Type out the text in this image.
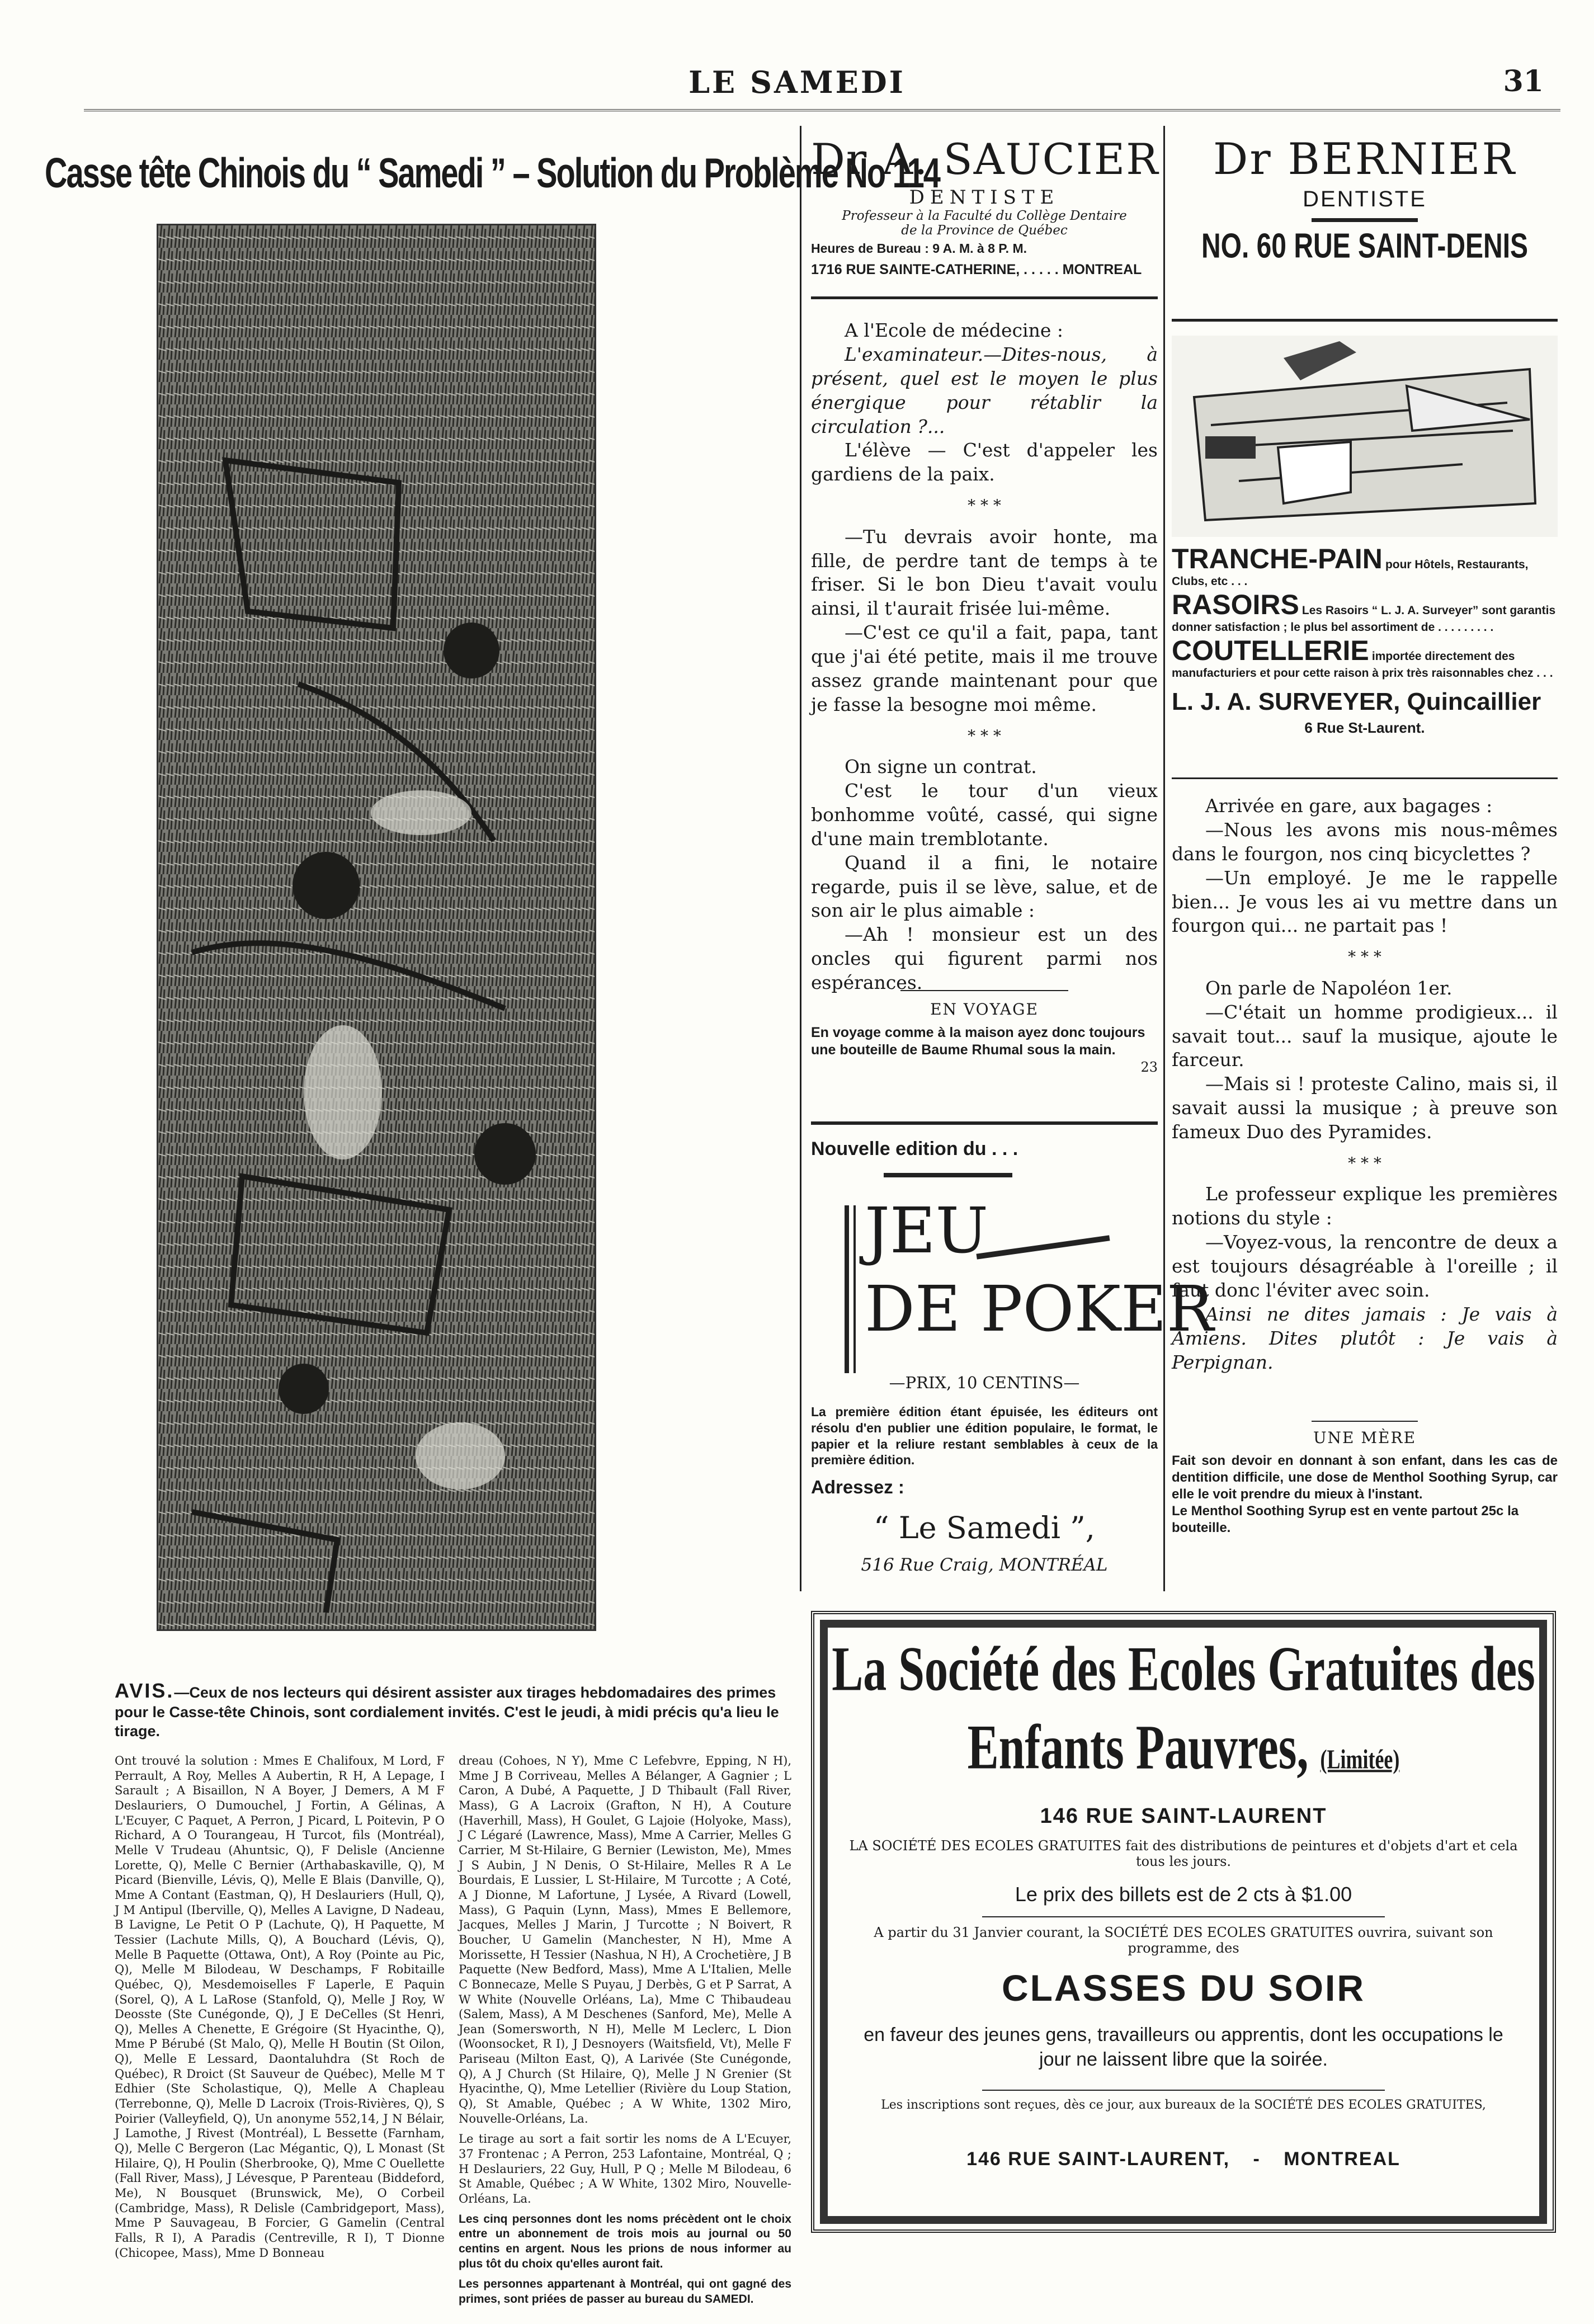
LE SAMEDI	31
Casse tête Chinois du “ Samedi ” – Solution du Problème No 114
AVIS.—Ceux de nos lecteurs qui désirent assister aux tirages hebdomadaires des primes pour le Casse-tête Chinois, sont cordialement invités. C'est le jeudi, à midi précis qu'a lieu le tirage.
Ont trouvé la solution : Mmes E Chalifoux, M Lord, F Perrault, A Roy, Melles A Aubertin, R H, A Lepage, I Sarault ; A Bisaillon, N A Boyer, J Demers, A M F Deslauriers, O Dumouchel, J Fortin, A Gélinas, A L'Ecuyer, C Paquet, A Perron, J Picard, L Poitevin, P O Richard, A O Tourangeau, H Turcot, fils (Montréal), Melle V Trudeau (Ahuntsic, Q), F Delisle (Ancienne Lorette, Q), Melle C Bernier (Arthabaskaville, Q), M Picard (Bienville, Lévis, Q), Melle E Blais (Danville, Q), Mme A Contant (Eastman, Q), H Deslauriers (Hull, Q), J M Antipul (Iberville, Q), Melles A Lavigne, D Nadeau, B Lavigne, Le Petit O P (Lachute, Q), H Paquette, M Tessier (Lachute Mills, Q), A Bouchard (Lévis, Q), Melle B Paquette (Ottawa, Ont), A Roy (Pointe au Pic, Q), Melle M Bilodeau, W Deschamps, F Robitaille Québec, Q), Mesdemoiselles F Laperle, E Paquin (Sorel, Q), A L LaRose (Stanfold, Q), Melle J Roy, W Deosste (Ste Cunégonde, Q), J E DeCelles (St Henri, Q), Melles A Chenette, E Grégoire (St Hyacinthe, Q), Mme P Bérubé (St Malo, Q), Melle H Boutin (St Oilon, Q), Melle E Lessard, Daontaluhdra (St Roch de Québec), R Droict (St Sauveur de Québec), Melle M T Edhier (Ste Scholastique, Q), Melle A Chapleau (Terrebonne, Q), Melle D Lacroix (Trois-Rivières, Q), S Poirier (Valleyfield, Q), Un anonyme 552,14, J N Bélair, J Lamothe, J Rivest (Montréal), L Bessette (Farnham, Q), Melle C Bergeron (Lac Mégantic, Q), L Monast (St Hilaire, Q), H Poulin (Sherbrooke, Q), Mme C Ouellette (Fall River, Mass), J Lévesque, P Parenteau (Biddeford, Me), N Bousquet (Brunswick, Me), O Corbeil (Cambridge, Mass), R Delisle (Cambridgeport, Mass), Mme P Sauvageau, B Forcier, G Gamelin (Central Falls, R I), A Paradis (Centreville, R I), T Dionne (Chicopee, Mass), Mme D Bonneau
dreau (Cohoes, N Y), Mme C Lefebvre, Epping, N H), Mme J B Corriveau, Melles A Bélanger, A Gagnier ; L Caron, A Dubé, A Paquette, J D Thibault (Fall River, Mass), G A Lacroix (Grafton, N H), A Couture (Haverhill, Mass), H Goulet, G Lajoie (Holyoke, Mass), J C Légaré (Lawrence, Mass), Mme A Carrier, Melles G Carrier, M St-Hilaire, G Bernier (Lewiston, Me), Mmes J S Aubin, J N Denis, O St-Hilaire, Melles R A Le Bourdais, E Lussier, L St-Hilaire, M Turcotte ; A Coté, A J Dionne, M Lafortune, J Lysée, A Rivard (Lowell, Mass), G Paquin (Lynn, Mass), Mmes E Bellemore, Jacques, Melles J Marin, J Turcotte ; N Boivert, R Boucher, U Gamelin (Manchester, N H), Mme A Morissette, H Tessier (Nashua, N H), A Crochetière, J B Paquette (New Bedford, Mass), Mme A L'Italien, Melle C Bonnecaze, Melle S Puyau, J Derbès, G et P Sarrat, A W White (Nouvelle Orléans, La), Mme C Thibaudeau (Salem, Mass), A M Deschenes (Sanford, Me), Melle A Jean (Somersworth, N H), Melle M Leclerc, L Dion (Woonsocket, R I), J Desnoyers (Waitsfield, Vt), Melle F Pariseau (Milton East, Q), A Larivée (Ste Cunégonde, Q), A J Church (St Hilaire, Q), Melle J N Grenier (St Hyacinthe, Q), Mme Letellier (Rivière du Loup Station, Q), St Amable, Québec ; A W White, 1302 Miro, Nouvelle-Orléans, La.
Le tirage au sort a fait sortir les noms de A L'Ecuyer, 37 Frontenac ; A Perron, 253 Lafontaine, Montréal, Q ; H Deslauriers, 22 Guy, Hull, P Q ; Melle M Bilodeau, 6 St Amable, Québec ; A W White, 1302 Miro, Nouvelle-Orléans, La.
Les cinq personnes dont les noms précèdent ont le choix entre un abonnement de trois mois au journal ou 50 centins en argent. Nous les prions de nous informer au plus tôt du choix qu'elles auront fait.
Les personnes appartenant à Montréal, qui ont gagné des primes, sont priées de passer au bureau du SAMEDI.
Dr A. SAUCIER
DENTISTE
Professeur à la Faculté du Collège Dentaire
de la Province de Québec
Heures de Bureau : 9 A. M. à 8 P. M.
1716 RUE SAINTE-CATHERINE, . . . . . MONTREAL

A l'Ecole de médecine :

L'examinateur.—Dites-nous, à présent, quel est le moyen le plus énergique pour rétablir la circulation ?...

L'élève — C'est d'appeler les gardiens de la paix.

* * *

—Tu devrais avoir honte, ma fille, de perdre tant de temps à te friser. Si le bon Dieu t'avait voulu ainsi, il t'aurait frisée lui-même.

—C'est ce qu'il a fait, papa, tant que j'ai été petite, mais il me trouve assez grande maintenant pour que je fasse la besogne moi même.

* * *

On signe un contrat.

C'est le tour d'un vieux bonhomme voûté, cassé, qui signe d'une main tremblotante.

Quand il a fini, le notaire regarde, puis il se lève, salue, et de son air le plus aimable :

—Ah ! monsieur est un des oncles qui figurent parmi nos espérances.

EN VOYAGE
En voyage comme à la maison ayez donc toujours une bouteille de Baume Rhumal sous la main.
23
Nouvelle edition du . . .
JEU
DE POKER
—PRIX, 10 CENTINS—
La première édition étant épuisée, les éditeurs ont résolu d'en publier une édition populaire, le format, le papier et la reliure restant semblables à ceux de la première édition.
Adressez :
“ Le Samedi ”,
516 Rue Craig, MONTRÉAL
Dr BERNIER
DENTISTE
NO. 60 RUE SAINT-DENIS
TRANCHE-PAIN pour Hôtels, Restaurants, Clubs, etc . . .
RASOIRS Les Rasoirs “ L. J. A. Surveyer” sont garantis donner satisfaction ; le plus bel assortiment de . . . . . . . . .
COUTELLERIE importée directement des manufacturiers et pour cette raison à prix très raisonnables chez . . .
L. J. A. SURVEYER, Quincaillier
6 Rue St-Laurent.

Arrivée en gare, aux bagages :

—Nous les avons mis nous-mêmes dans le fourgon, nos cinq bicyclettes ?

—Un employé. Je me le rappelle bien... Je vous les ai vu mettre dans un fourgon qui... ne partait pas !

* * *

On parle de Napoléon 1er.

—C'était un homme prodigieux... il savait tout... sauf la musique, ajoute le farceur.

—Mais si ! proteste Calino, mais si, il savait aussi la musique ; à preuve son fameux Duo des Pyramides.

* * *

Le professeur explique les premières notions du style :

—Voyez-vous, la rencontre de deux a est toujours désagréable à l'oreille ; il faut donc l'éviter avec soin.

Ainsi ne dites jamais : Je vais à Amiens. Dites plutôt : Je vais à Perpignan.

UNE MÈRE
Fait son devoir en donnant à son enfant, dans les cas de dentition difficile, une dose de Menthol Soothing Syrup, car elle le voit prendre du mieux à l'instant.
Le Menthol Soothing Syrup est en vente partout 25c la bouteille.
La Société des Ecoles Gratuites des
Enfants Pauvres, (Limitée)
146 RUE SAINT-LAURENT
LA SOCIÉTÉ DES ECOLES GRATUITES fait des distributions de peintures et d'objets d'art et cela tous les jours.
Le prix des billets est de 2 cts à $1.00
A partir du 31 Janvier courant, la SOCIÉTÉ DES ECOLES GRATUITES ouvrira, suivant son programme, des
CLASSES DU SOIR
en faveur des jeunes gens, travailleurs ou apprentis, dont les occupations le jour ne laissent libre que la soirée.
Les inscriptions sont reçues, dès ce jour, aux bureaux de la SOCIÉTÉ DES ECOLES GRATUITES,
146 RUE SAINT-LAURENT, - MONTREAL
